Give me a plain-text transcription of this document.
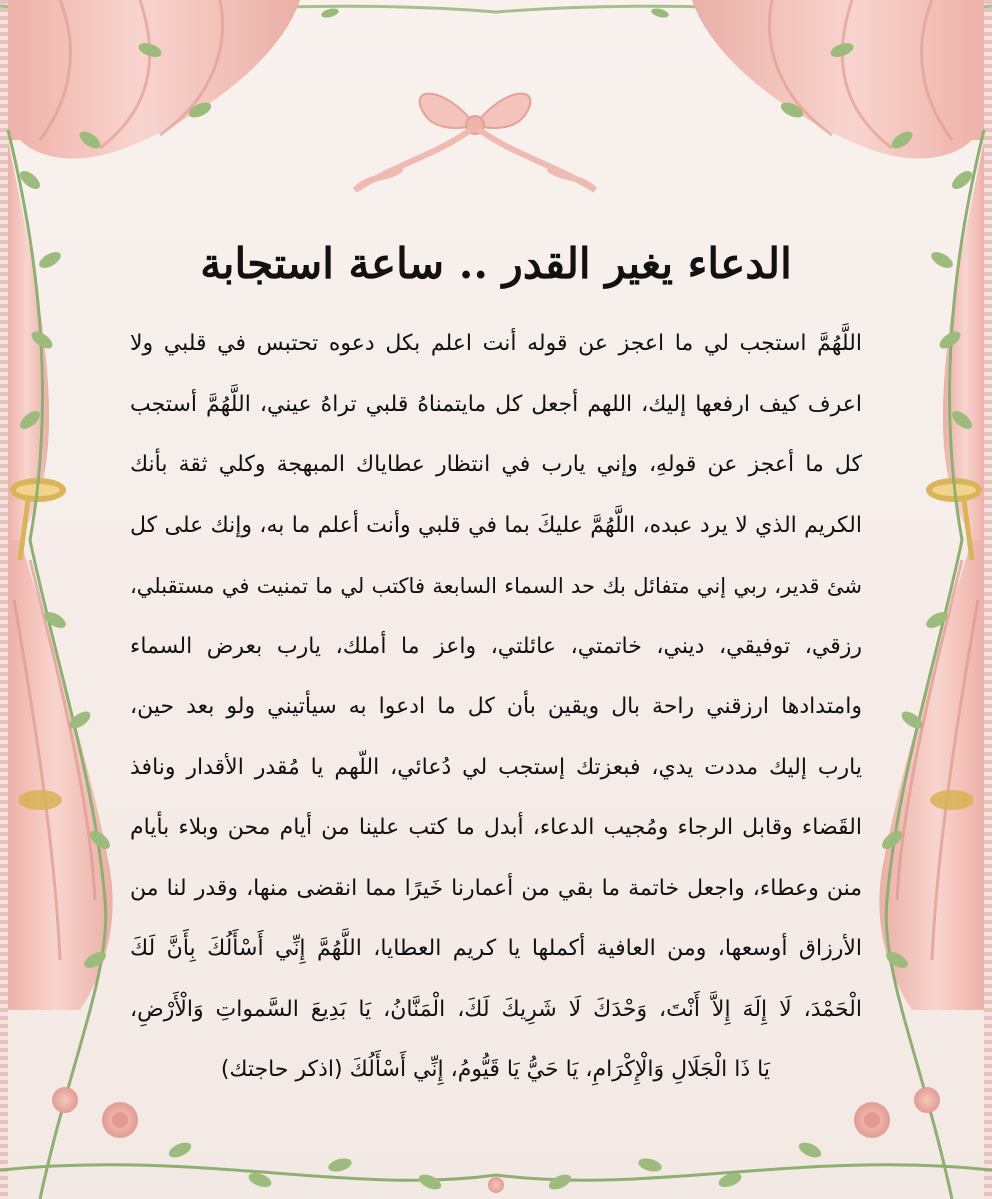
الدعاء يغير القدر .. ساعة استجابة
اللَّهُمَّ استجب لي ما اعجز عن قوله أنت اعلم بكل دعوه تحتبس في قلبي ولا
اعرف كيف ارفعها إليك، اللهم أجعل كل مايتمناهُ قلبي تراهُ عيني، اللَّهُمَّ أستجب
كل ما أعجز عن قولهِ، وإني يارب في انتظار عطاياك المبهجة وكلي ثقة بأنك
الكريم الذي لا يرد عبده، اللَّهُمَّ عليكَ بما في قلبي وأنت أعلم ما به، وإنك على كل
شئ قدير، ربي إني متفائل بك حد السماء السابعة فاكتب لي ما تمنيت في مستقبلي،
رزقي، توفيقي، ديني، خاتمتي، عائلتي، واعز ما أملك، يارب بعرض السماء
وامتدادها ارزقني راحة بال ويقين بأن كل ما ادعوا به سيأتيني ولو بعد حين،
يارب إليك مددت يدي، فبعزتك إستجب لي دُعائي، اللّهم يا مُقدر الأقدار ونافذ
القَضاء وقابل الرجاء ومُجيب الدعاء، أبدل ما كتب علينا من أيام محن وبلاء بأيام
منن وعطاء، واجعل خاتمة ما بقي من أعمارنا خَيرًا مما انقضى منها، وقدر لنا من
الأرزاق أوسعها، ومن العافية أكملها يا كريم العطايا، اللَّهُمَّ إِنِّي أَسْأَلُكَ بِأَنَّ لَكَ
الْحَمْدَ، لَا إِلَهَ إِلاَّ أَنْتَ، وَحْدَكَ لَا شَرِيكَ لَكَ، الْمَنَّانُ، يَا بَدِيعَ السَّمواتِ وَالْأَرْضِ،
يَا ذَا الْجَلَالِ وَالْإِكْرَامِ، يَا حَيُّ يَا قَيُّومُ، إِنِّي أَسْأَلُكَ (اذكر حاجتك)
